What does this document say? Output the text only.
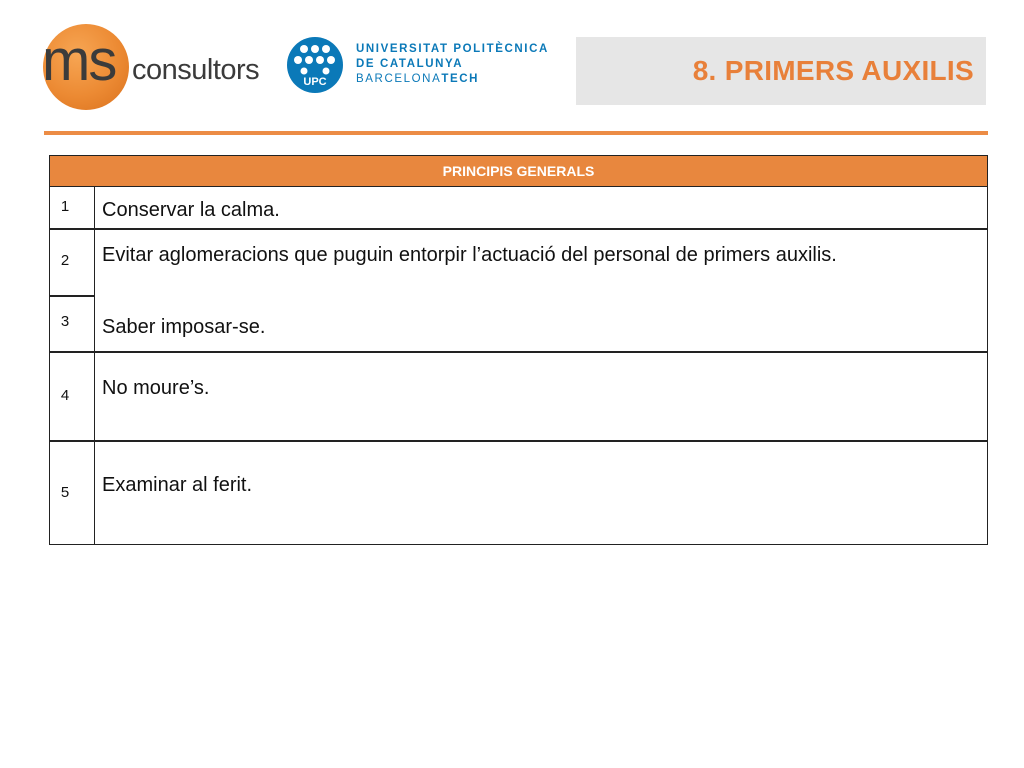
ms consultors	UPC
UNIVERSITAT POLITÈCNICA
DE CATALUNYA
BARCELONATECH	8. PRIMERS AUXILIS
PRINCIPIS GENERALS
1	Conservar la calma.
2	Evitar aglomeracions que puguin entorpir l’actuació del personal de primers auxilis.
3	Saber imposar-se.
4	No moure’s.
5	Examinar al ferit.
